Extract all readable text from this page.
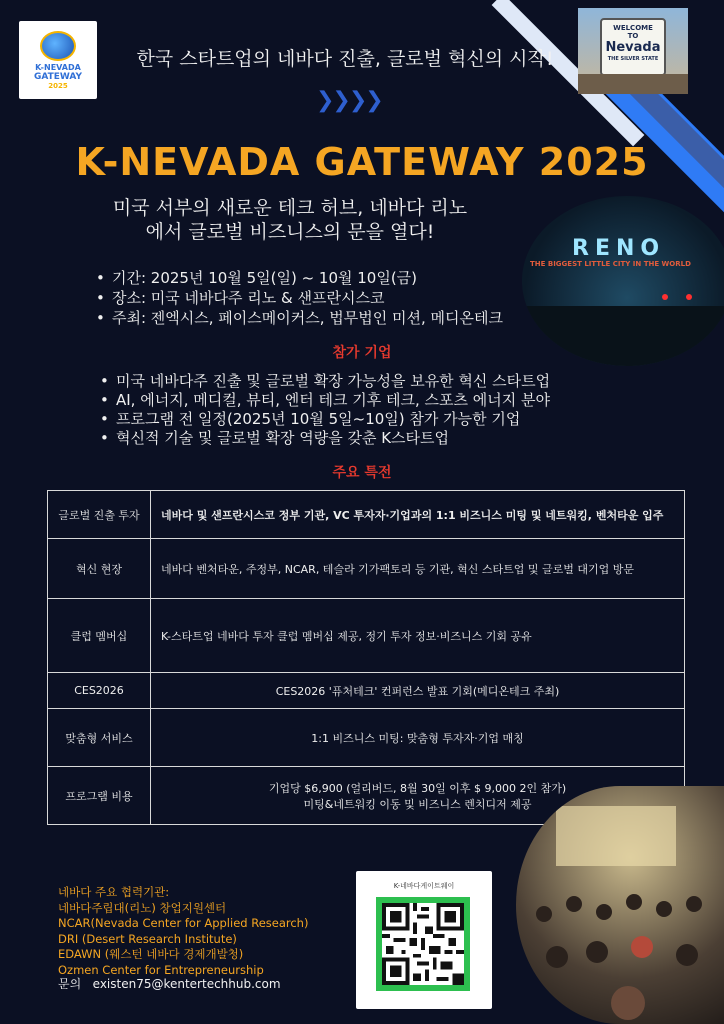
K-NEVADA
GATEWAY
2025
한국 스타트업의 네바다 진출, 글로벌 혁신의 시작!
❯❯❯❯
WELCOME
TO
Nevada
THE SILVER STATE
K-NEVADA GATEWAY 2025
미국 서부의 새로운 테크 허브, 네바다 리노
에서 글로벌 비즈니스의 문을 열다!
RENO
THE BIGGEST LITTLE CITY IN THE WORLD
• 기간: 2025년 10월 5일(일) ~ 10월 10일(금)
• 장소: 미국 네바다주 리노 & 샌프란시스코
• 주최: 젠엑시스, 페이스메이커스, 법무법인 미션, 메디온테크
참가 기업
• 미국 네바다주 진출 및 글로벌 확장 가능성을 보유한 혁신 스타트업
• AI, 에너지, 메디컬, 뷰티, 엔터 테크 기후 테크, 스포츠 에너지 분야
• 프로그램 전 일정(2025년 10월 5일~10일) 참가 가능한 기업
• 혁신적 기술 및 글로벌 확장 역량을 갖춘 K스타트업
주요 특전
글로벌 진출 투자	네바다 및 샌프란시스코 정부 기관, VC 투자자·기업과의 1:1 비즈니스 미팅 및 네트워킹, 벤처타운 입주
혁신 현장	네바다 벤처타운, 주정부, NCAR, 테슬라 기가팩토리 등 기관, 혁신 스타트업 및 글로벌 대기업 방문
클럽 멤버십	K-스타트업 네바다 투자 클럽 멤버십 제공, 정기 투자 정보·비즈니스 기회 공유
CES2026	CES2026 '퓨처테크' 컨퍼런스 발표 기회(메디온테크 주최)
맞춤형 서비스	1:1 비즈니스 미팅: 맞춤형 투자자·기업 매칭
프로그램 비용	기업당 $6,900 (얼리버드, 8월 30일 이후 $ 9,000 2인 참가)
미팅&네트워킹 이동 및 비즈니스 렌치디저 제공
네바다 주요 협력기관:
네바다주립대(리노) 창업지원센터
NCAR(Nevada Center for Applied Research)
DRI (Desert Research Institute)
EDAWN (웨스턴 네바다 경제개발청)
Ozmen Center for Entrepreneurship
문의 existen75@kentertechhub.com
K-네바다게이트웨이
